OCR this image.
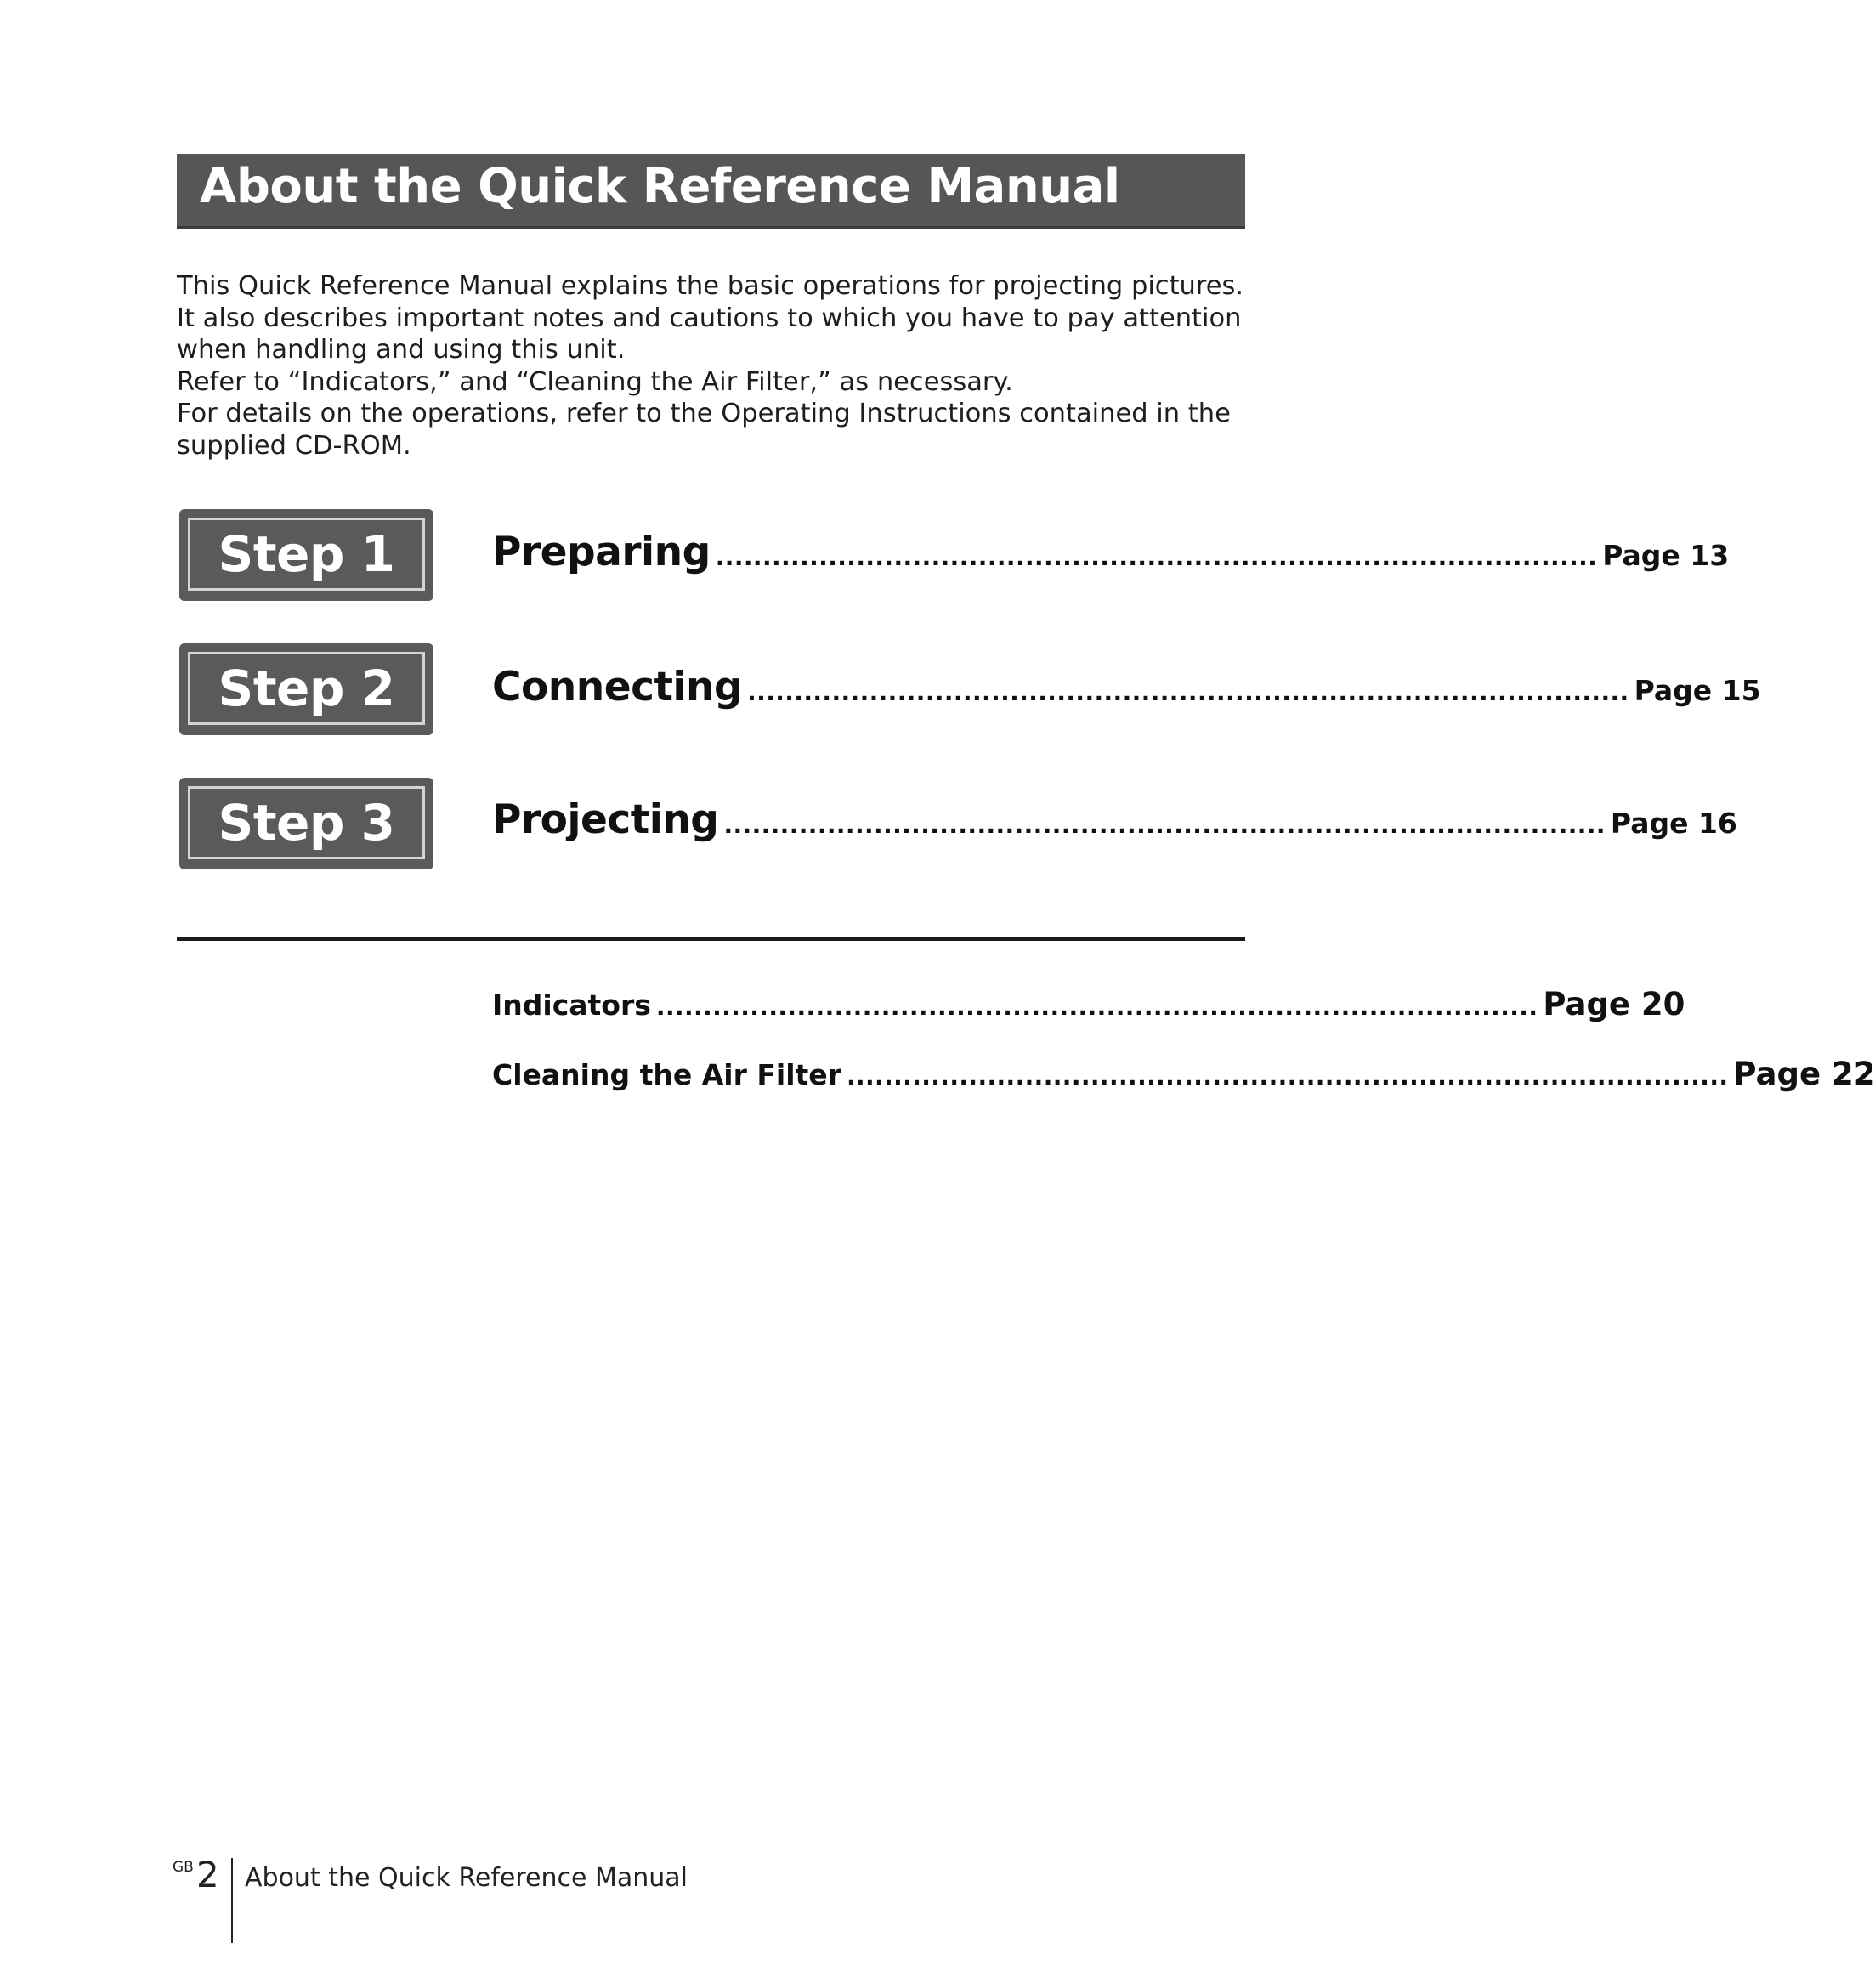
About the Quick Reference Manual

This Quick Reference Manual explains the basic operations for projecting pictures.

It also describes important notes and cautions to which you have to pay attention

when handling and using this unit.

Refer to “Indicators,” and “Cleaning the Air Filter,” as necessary.

For details on the operations, refer to the Operating Instructions contained in the

supplied CD-ROM.

Step 1 Preparing .............................................................................................. Page 13
Step 2 Connecting .............................................................................................. Page 15
Step 3 Projecting .............................................................................................. Page 16
Indicators .............................................................................................. Page 20
Cleaning the Air Filter .............................................................................................. Page 22
GB 2 About the Quick Reference Manual
